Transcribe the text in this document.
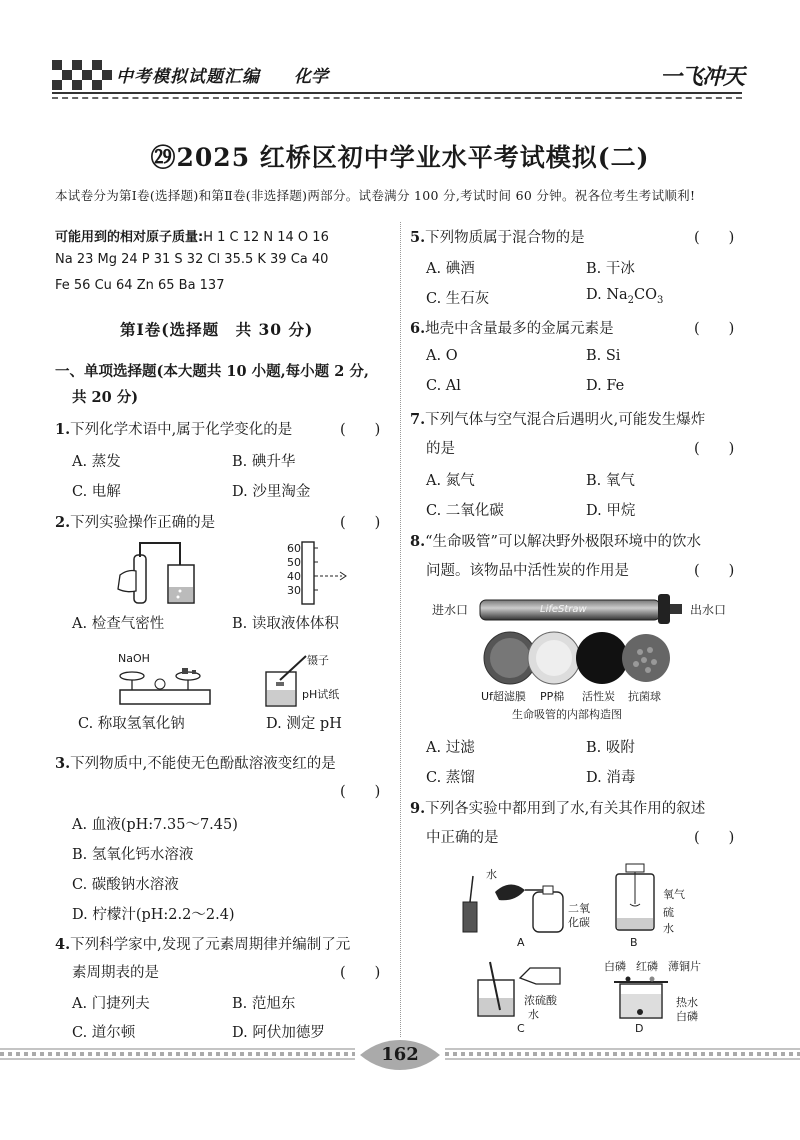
中考模拟试题汇编 化学	一飞冲天
㉙2025 红桥区初中学业水平考试模拟(二)
本试卷分为第Ⅰ卷(选择题)和第Ⅱ卷(非选择题)两部分。试卷满分 100 分,考试时间 60 分钟。祝各位考生考试顺利!
可能用到的相对原子质量:H 1 C 12 N 14 O 16
Na 23 Mg 24 P 31 S 32 Cl 35.5 K 39 Ca 40
Fe 56 Cu 64 Zn 65 Ba 137
第Ⅰ卷(选择题　共 30 分)
一、单项选择题(本大题共 10 小题,每小题 2 分,
共 20 分)
1.下列化学术语中,属于化学变化的是	(　　)
A. 蒸发	B. 碘升华
C. 电解	D. 沙里淘金
2.下列实验操作正确的是	(　　)
60
50
40
30
A. 检查气密性	B. 读取液体体积
NaOH	镊子
pH试纸
C. 称取氢氧化钠	D. 测定 pH
3.下列物质中,不能使无色酚酞溶液变红的是
(　　)
A. 血液(pH:7.35～7.45)
B. 氢氧化钙水溶液
C. 碳酸钠水溶液
D. 柠檬汁(pH:2.2～2.4)
4.下列科学家中,发现了元素周期律并编制了元
素周期表的是	(　　)
A. 门捷列夫	B. 范旭东
C. 道尔顿	D. 阿伏加德罗
5.下列物质属于混合物的是	(　　)
A. 碘酒	B. 干冰
C. 生石灰	D. $Na_2CO_3$
6.地壳中含量最多的金属元素是	(　　)
A. O	B. Si
C. Al	D. Fe
7.下列气体与空气混合后遇明火,可能发生爆炸
的是	(　　)
A. 氮气	B. 氧气
C. 二氧化碳	D. 甲烷
8.“生命吸管”可以解决野外极限环境中的饮水
问题。该物品中活性炭的作用是	(　　)
进水口	出水口
LifeStraw
Uf超滤膜 PP棉 活性炭 抗菌球
生命吸管的内部构造图
A. 过滤	B. 吸附
C. 蒸馏	D. 消毒
9.下列各实验中都用到了水,有关其作用的叙述
中正确的是	(　　)
水
二氧
化碳
A
氧气
硫
水
B
浓硫酸
水
C
白磷 红磷 薄铜片
热水
白磷
D
162
